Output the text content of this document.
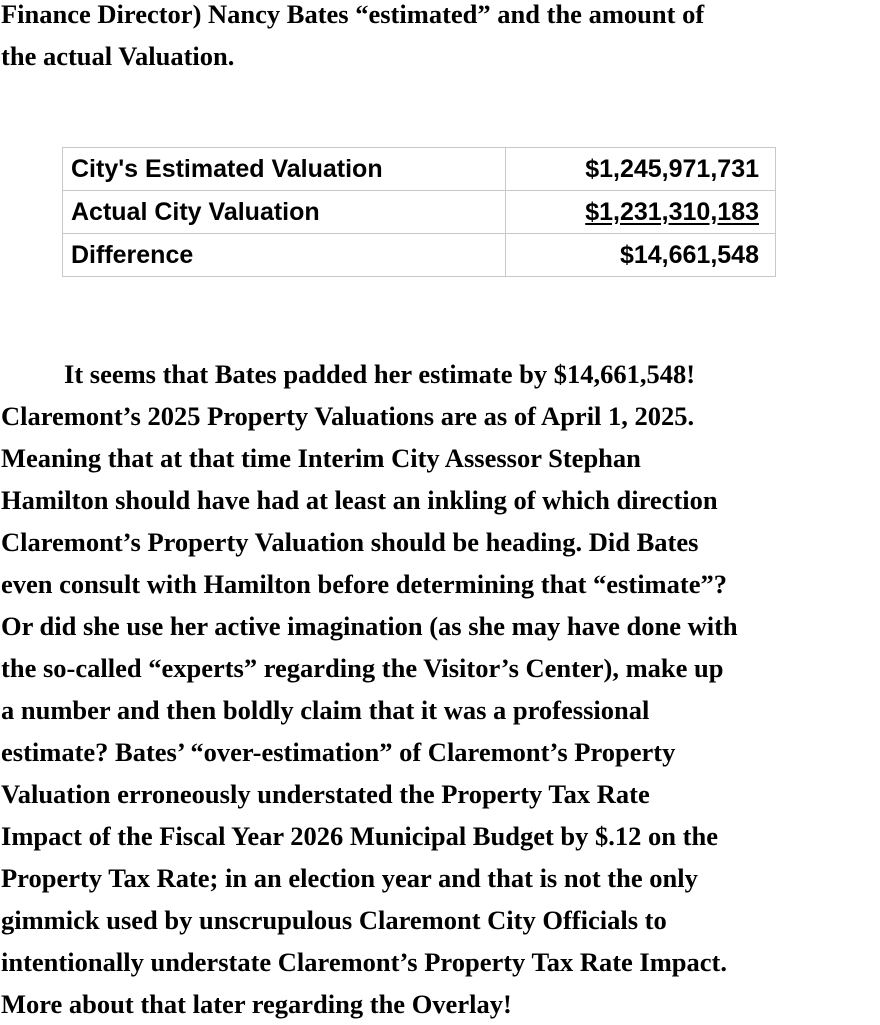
Finance Director) Nancy Bates “estimated” and the amount of
the actual Valuation.
City's Estimated Valuation	$1,245,971,731
Actual City Valuation	$1,231,310,183
Difference	$14,661,548
It seems that Bates padded her estimate by $14,661,548!
Claremont’s 2025 Property Valuations are as of April 1, 2025.
Meaning that at that time Interim City Assessor Stephan
Hamilton should have had at least an inkling of which direction
Claremont’s Property Valuation should be heading. Did Bates
even consult with Hamilton before determining that “estimate”?
Or did she use her active imagination (as she may have done with
the so-called “experts” regarding the Visitor’s Center), make up
a number and then boldly claim that it was a professional
estimate? Bates’ “over-estimation” of Claremont’s Property
Valuation erroneously understated the Property Tax Rate
Impact of the Fiscal Year 2026 Municipal Budget by $.12 on the
Property Tax Rate; in an election year and that is not the only
gimmick used by unscrupulous Claremont City Officials to
intentionally understate Claremont’s Property Tax Rate Impact.
More about that later regarding the Overlay!
